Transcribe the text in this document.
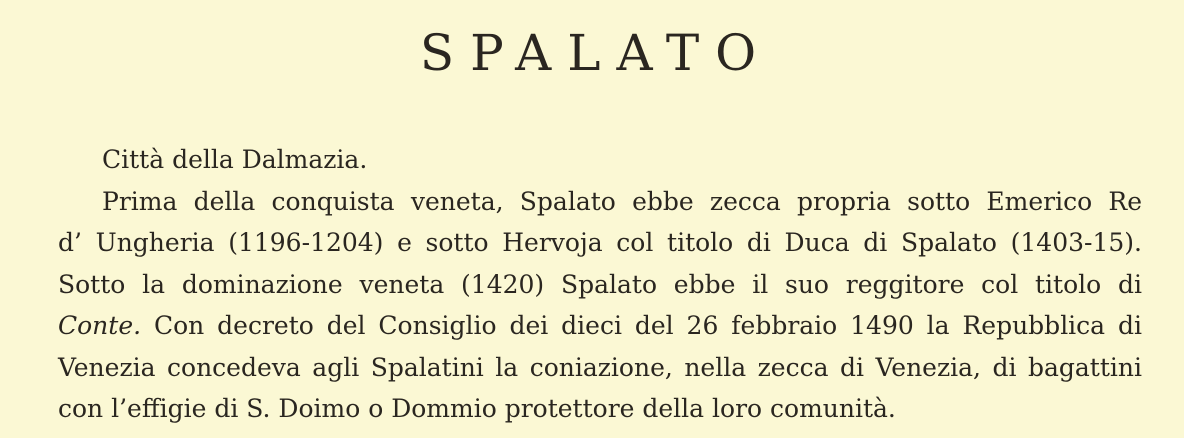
SPALATO
Città della Dalmazia.
Prima della conquista veneta, Spalato ebbe zecca propria sotto Emerico Re
d’ Ungheria (1196-1204) e sotto Hervoja col titolo di Duca di Spalato (1403-15).
Sotto la dominazione veneta (1420) Spalato ebbe il suo reggitore col titolo di
Conte. Con decreto del Consiglio dei dieci del 26 febbraio 1490 la Repubblica di
Venezia concedeva agli Spalatini la coniazione, nella zecca di Venezia, di bagattini
con l’effigie di S. Doimo o Dommio protettore della loro comunità.
